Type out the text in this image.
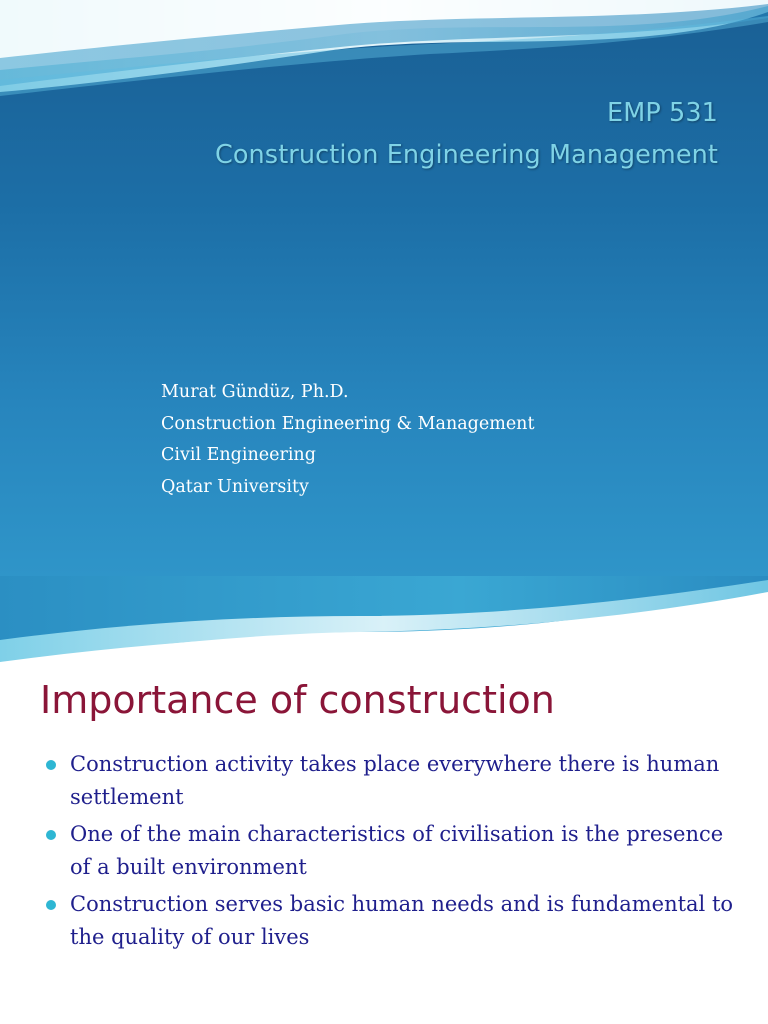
EMP 531
Construction Engineering Management
Murat Gündüz, Ph.D.
Construction Engineering & Management
Civil Engineering
Qatar University
Importance of construction
Construction activity takes place everywhere there is human settlement
One of the main characteristics of civilisation is the presence of a built environment
Construction serves basic human needs and is fundamental to the quality of our lives
